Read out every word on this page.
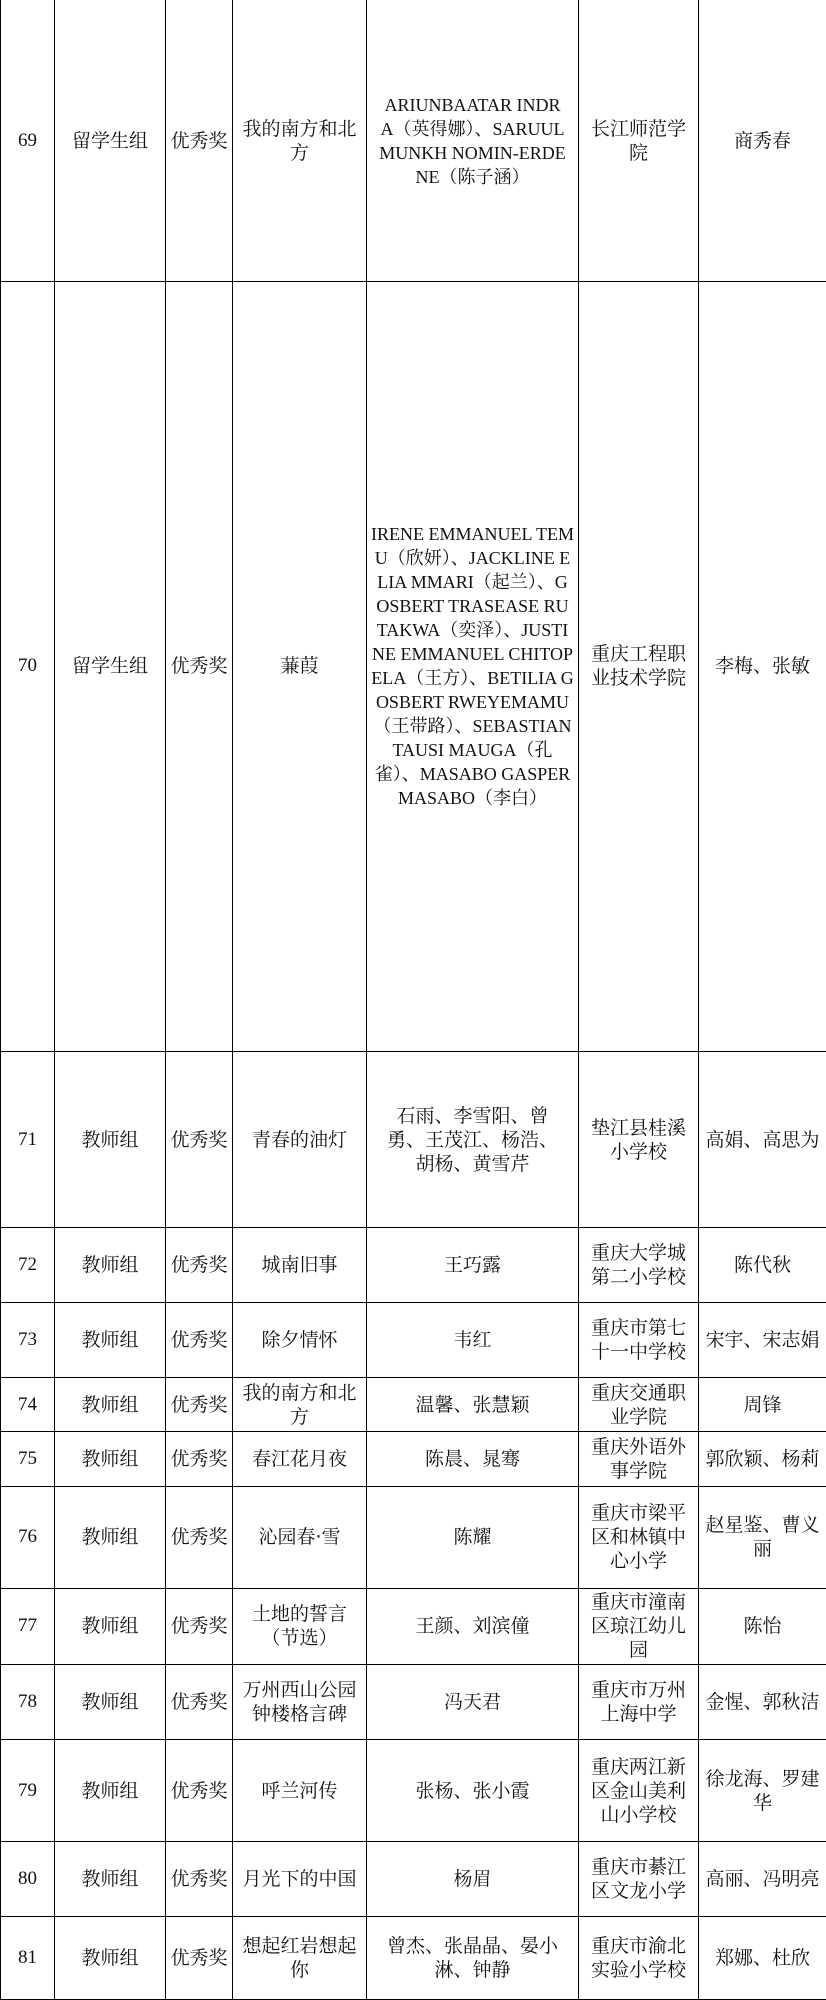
69	留学生组	优秀奖	我的南方和北方	ARIUNBAATAR INDRA（英得娜）、SARUULMUNKH NOMIN-ERDENE（陈子涵）	长江师范学院	商秀春
70	留学生组	优秀奖	蒹葭	IRENE EMMANUEL TEMU（欣妍）、JACKLINE ELIA MMARI（起兰）、GOSBERT TRASEASE RUTAKWA（奕泽）、JUSTINE EMMANUEL CHITOPELA（王方）、BETILIA GOSBERT RWEYEMAMU（王带路）、SEBASTIAN TAUSI MAUGA（孔雀）、MASABO GASPER MASABO（李白）	重庆工程职业技术学院	李梅、张敏
71	教师组	优秀奖	青春的油灯	石雨、李雪阳、曾勇、王茂江、杨浩、胡杨、黄雪芹	垫江县桂溪小学校	高娟、高思为
72	教师组	优秀奖	城南旧事	王巧露	重庆大学城第二小学校	陈代秋
73	教师组	优秀奖	除夕情怀	韦红	重庆市第七十一中学校	宋宇、宋志娟
74	教师组	优秀奖	我的南方和北方	温馨、张慧颖	重庆交通职业学院	周锋
75	教师组	优秀奖	春江花月夜	陈晨、晁骞	重庆外语外事学院	郭欣颖、杨莉
76	教师组	优秀奖	沁园春·雪	陈耀	重庆市梁平区和林镇中心小学	赵星鉴、曹义丽
77	教师组	优秀奖	土地的誓言（节选）	王颜、刘滨僮	重庆市潼南区琼江幼儿园	陈怡
78	教师组	优秀奖	万州西山公园钟楼格言碑	冯天君	重庆市万州上海中学	金惺、郭秋洁
79	教师组	优秀奖	呼兰河传	张杨、张小霞	重庆两江新区金山美利山小学校	徐龙海、罗建华
80	教师组	优秀奖	月光下的中国	杨眉	重庆市綦江区文龙小学	高丽、冯明亮
81	教师组	优秀奖	想起红岩想起你	曾杰、张晶晶、晏小淋、钟静	重庆市渝北实验小学校	郑娜、杜欣
